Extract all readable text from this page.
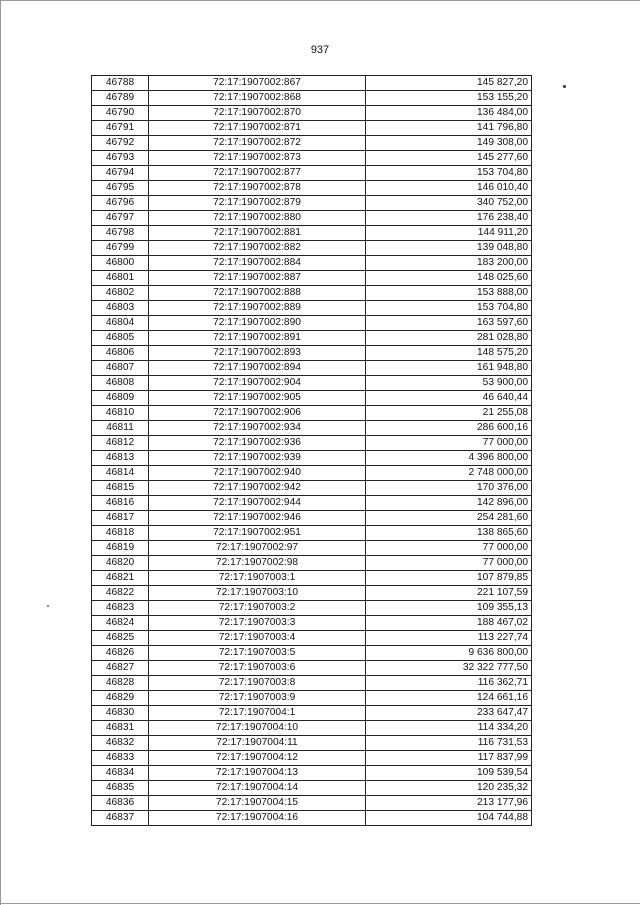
937
46788	72:17:1907002:867	145 827,20
46789	72:17:1907002:868	153 155,20
46790	72:17:1907002:870	136 484,00
46791	72:17:1907002:871	141 796,80
46792	72:17:1907002:872	149 308,00
46793	72:17:1907002:873	145 277,60
46794	72:17:1907002:877	153 704,80
46795	72:17:1907002:878	146 010,40
46796	72:17:1907002:879	340 752,00
46797	72:17:1907002:880	176 238,40
46798	72:17:1907002:881	144 911,20
46799	72:17:1907002:882	139 048,80
46800	72:17:1907002:884	183 200,00
46801	72:17:1907002:887	148 025,60
46802	72:17:1907002:888	153 888,00
46803	72:17:1907002:889	153 704,80
46804	72:17:1907002:890	163 597,60
46805	72:17:1907002:891	281 028,80
46806	72:17:1907002:893	148 575,20
46807	72:17:1907002:894	161 948,80
46808	72:17:1907002:904	53 900,00
46809	72:17:1907002:905	46 640,44
46810	72:17:1907002:906	21 255,08
46811	72:17:1907002:934	286 600,16
46812	72:17:1907002:936	77 000,00
46813	72:17:1907002:939	4 396 800,00
46814	72:17:1907002:940	2 748 000,00
46815	72:17:1907002:942	170 376,00
46816	72:17:1907002:944	142 896,00
46817	72:17:1907002:946	254 281,60
46818	72:17:1907002:951	138 865,60
46819	72:17:1907002:97	77 000,00
46820	72:17:1907002:98	77 000,00
46821	72:17:1907003:1	107 879,85
46822	72:17:1907003:10	221 107,59
46823	72:17:1907003:2	109 355,13
46824	72:17:1907003:3	188 467,02
46825	72:17:1907003:4	113 227,74
46826	72:17:1907003:5	9 636 800,00
46827	72:17:1907003:6	32 322 777,50
46828	72:17:1907003:8	116 362,71
46829	72:17:1907003:9	124 661,16
46830	72:17:1907004:1	233 647,47
46831	72:17:1907004:10	114 334,20
46832	72:17:1907004:11	116 731,53
46833	72:17:1907004:12	117 837,99
46834	72:17:1907004:13	109 539,54
46835	72:17:1907004:14	120 235,32
46836	72:17:1907004:15	213 177,96
46837	72:17:1907004:16	104 744,88
